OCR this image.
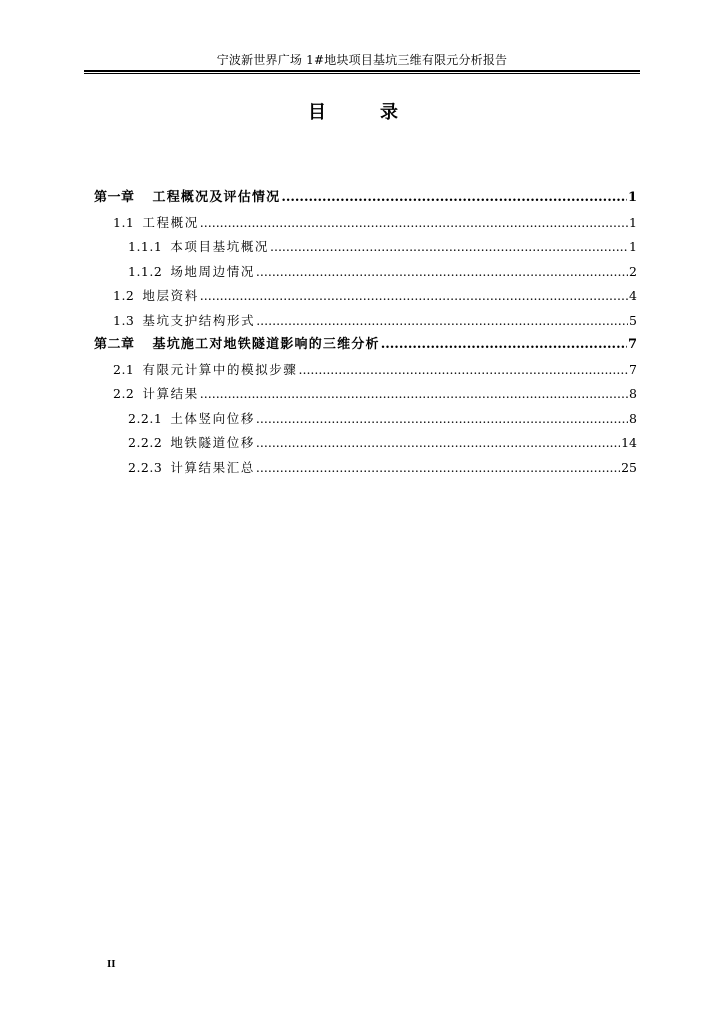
宁波新世界广场 1#地块项目基坑三维有限元分析报告
目　录
第一章 工程概况及评估情况 .....	1
1.1 工程概况 .....	1
1.1.1 本项目基坑概况 .....	1
1.1.2 场地周边情况 .....	2
1.2 地层资料 .....	4
1.3 基坑支护结构形式 .....	5
第二章 基坑施工对地铁隧道影响的三维分析 .....	7
2.1 有限元计算中的模拟步骤 .....	7
2.2 计算结果 .....	8
2.2.1 土体竖向位移 .....	8
2.2.2 地铁隧道位移 .....	14
2.2.3 计算结果汇总 .....	25
II
